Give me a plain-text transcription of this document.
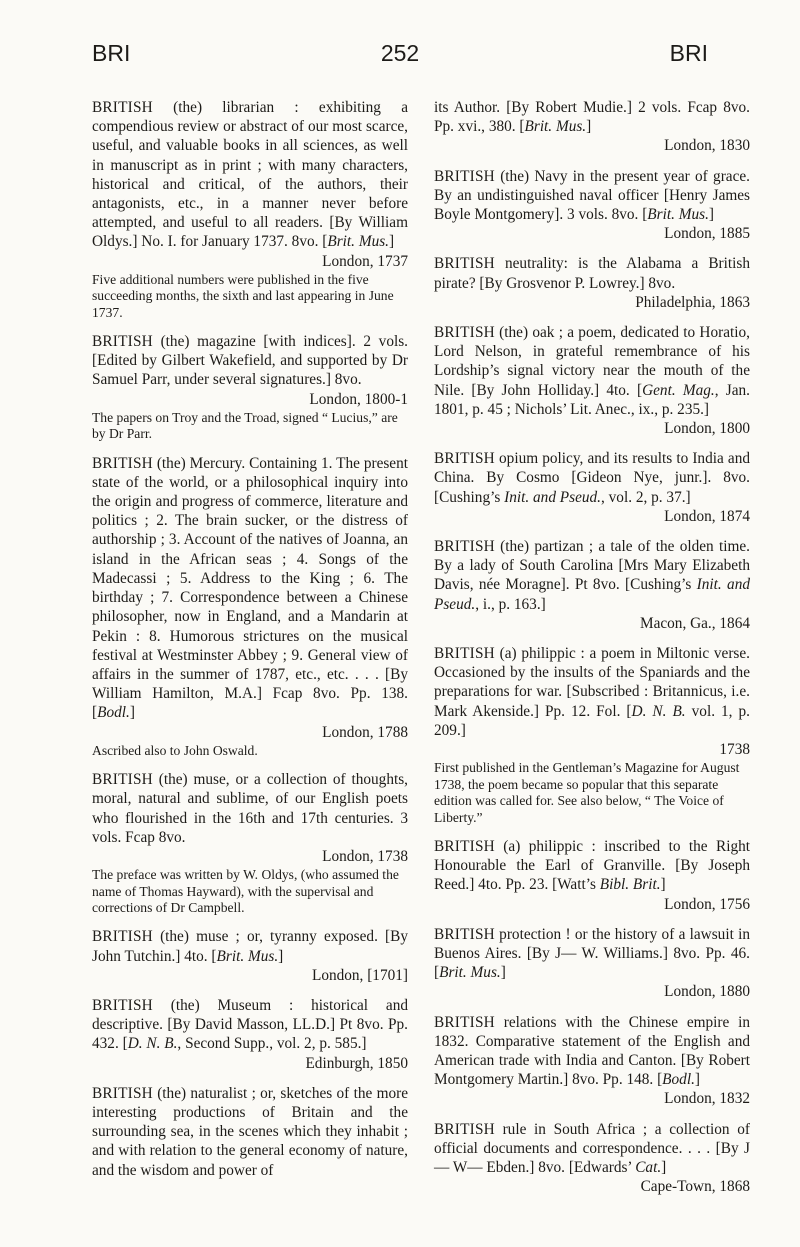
BRI	252	BRI
BRITISH (the) librarian : exhibiting a compendious review or abstract of our most scarce, useful, and valuable books in all sciences, as well in manuscript as in print ; with many characters, historical and critical, of the authors, their antagonists, etc., in a manner never before attempted, and useful to all readers. [By William Oldys.] No. I. for January 1737. 8vo. [Brit. Mus.]
London, 1737
Five additional numbers were published in the five succeeding months, the sixth and last appearing in June 1737.
BRITISH (the) magazine [with indices]. 2 vols. [Edited by Gilbert Wakefield, and supported by Dr Samuel Parr, under several signatures.] 8vo.
London, 1800-1
The papers on Troy and the Troad, signed “ Lucius,” are by Dr Parr.
BRITISH (the) Mercury. Containing 1. The present state of the world, or a philosophical inquiry into the origin and progress of commerce, literature and politics ; 2. The brain sucker, or the distress of authorship ; 3. Account of the natives of Joanna, an island in the African seas ; 4. Songs of the Madecassi ; 5. Address to the King ; 6. The birthday ; 7. Correspondence between a Chinese philosopher, now in England, and a Mandarin at Pekin : 8. Humorous strictures on the musical festival at Westminster Abbey ; 9. General view of affairs in the summer of 1787, etc., etc. . . . [By William Hamilton, M.A.] Fcap 8vo. Pp. 138. [Bodl.]
London, 1788
Ascribed also to John Oswald.
BRITISH (the) muse, or a collection of thoughts, moral, natural and sublime, of our English poets who flourished in the 16th and 17th centuries. 3 vols. Fcap 8vo.
London, 1738
The preface was written by W. Oldys, (who assumed the name of Thomas Hayward), with the supervisal and corrections of Dr Campbell.
BRITISH (the) muse ; or, tyranny exposed. [By John Tutchin.] 4to. [Brit. Mus.]
London, [1701]
BRITISH (the) Museum : historical and descriptive. [By David Masson, LL.D.] Pt 8vo. Pp. 432. [D. N. B., Second Supp., vol. 2, p. 585.]
Edinburgh, 1850
BRITISH (the) naturalist ; or, sketches of the more interesting productions of Britain and the surrounding sea, in the scenes which they inhabit ; and with relation to the general economy of nature, and the wisdom and power of
its Author. [By Robert Mudie.] 2 vols. Fcap 8vo. Pp. xvi., 380. [Brit. Mus.]
London, 1830
BRITISH (the) Navy in the present year of grace. By an undistinguished naval officer [Henry James Boyle Montgomery]. 3 vols. 8vo. [Brit. Mus.]
London, 1885
BRITISH neutrality: is the Alabama a British pirate? [By Grosvenor P. Lowrey.] 8vo.
Philadelphia, 1863
BRITISH (the) oak ; a poem, dedicated to Horatio, Lord Nelson, in grateful remembrance of his Lordship’s signal victory near the mouth of the Nile. [By John Holliday.] 4to. [Gent. Mag., Jan. 1801, p. 45 ; Nichols’ Lit. Anec., ix., p. 235.]
London, 1800
BRITISH opium policy, and its results to India and China. By Cosmo [Gideon Nye, junr.]. 8vo. [Cushing’s Init. and Pseud., vol. 2, p. 37.]
London, 1874
BRITISH (the) partizan ; a tale of the olden time. By a lady of South Carolina [Mrs Mary Elizabeth Davis, née Moragne]. Pt 8vo. [Cushing’s Init. and Pseud., i., p. 163.]
Macon, Ga., 1864
BRITISH (a) philippic : a poem in Miltonic verse. Occasioned by the insults of the Spaniards and the preparations for war. [Subscribed : Britannicus, i.e. Mark Akenside.] Pp. 12. Fol. [D. N. B. vol. 1, p. 209.]
1738
First published in the Gentleman’s Magazine for August 1738, the poem became so popular that this separate edition was called for. See also below, “ The Voice of Liberty.”
BRITISH (a) philippic : inscribed to the Right Honourable the Earl of Granville. [By Joseph Reed.] 4to. Pp. 23. [Watt’s Bibl. Brit.]
London, 1756
BRITISH protection ! or the history of a lawsuit in Buenos Aires. [By J— W. Williams.] 8vo. Pp. 46. [Brit. Mus.]
London, 1880
BRITISH relations with the Chinese empire in 1832. Comparative statement of the English and American trade with India and Canton. [By Robert Montgomery Martin.] 8vo. Pp. 148. [Bodl.]
London, 1832
BRITISH rule in South Africa ; a collection of official documents and correspondence. . . . [By J— W— Ebden.] 8vo. [Edwards’ Cat.]
Cape-Town, 1868
